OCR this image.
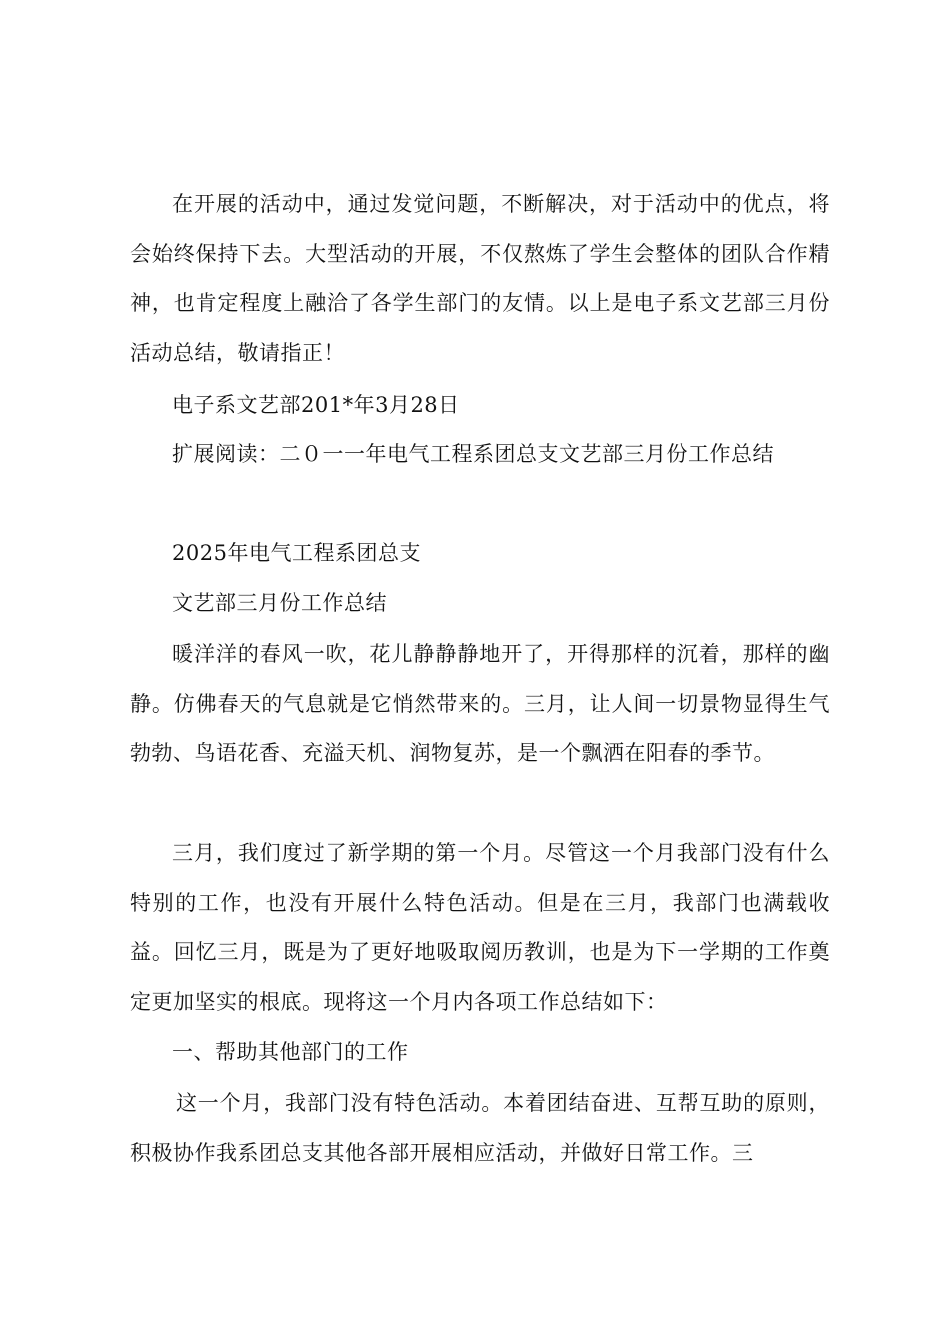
在开展的活动中，通过发觉问题，不断解决，对于活动中的优点，将会始终保持下去。大型活动的开展，不仅熬炼了学生会整体的团队合作精神，也肯定程度上融洽了各学生部门的友情。以上是电子系文艺部三月份活动总结，敬请指正！

电子系文艺部201*年3月28日

扩展阅读：二０一一年电气工程系团总支文艺部三月份工作总结

2025年电气工程系团总支

文艺部三月份工作总结

暖洋洋的春风一吹，花儿静静静地开了，开得那样的沉着，那样的幽静。仿佛春天的气息就是它悄然带来的。三月，让人间一切景物显得生气勃勃、鸟语花香、充溢天机、润物复苏，是一个飘洒在阳春的季节。

三月，我们度过了新学期的第一个月。尽管这一个月我部门没有什么特别的工作，也没有开展什么特色活动。但是在三月，我部门也满载收益。回忆三月，既是为了更好地吸取阅历教训，也是为下一学期的工作奠定更加坚实的根底。现将这一个月内各项工作总结如下：

一、帮助其他部门的工作

这一个月，我部门没有特色活动。本着团结奋进、互帮互助的原则，积极协作我系团总支其他各部开展相应活动，并做好日常工作。三
